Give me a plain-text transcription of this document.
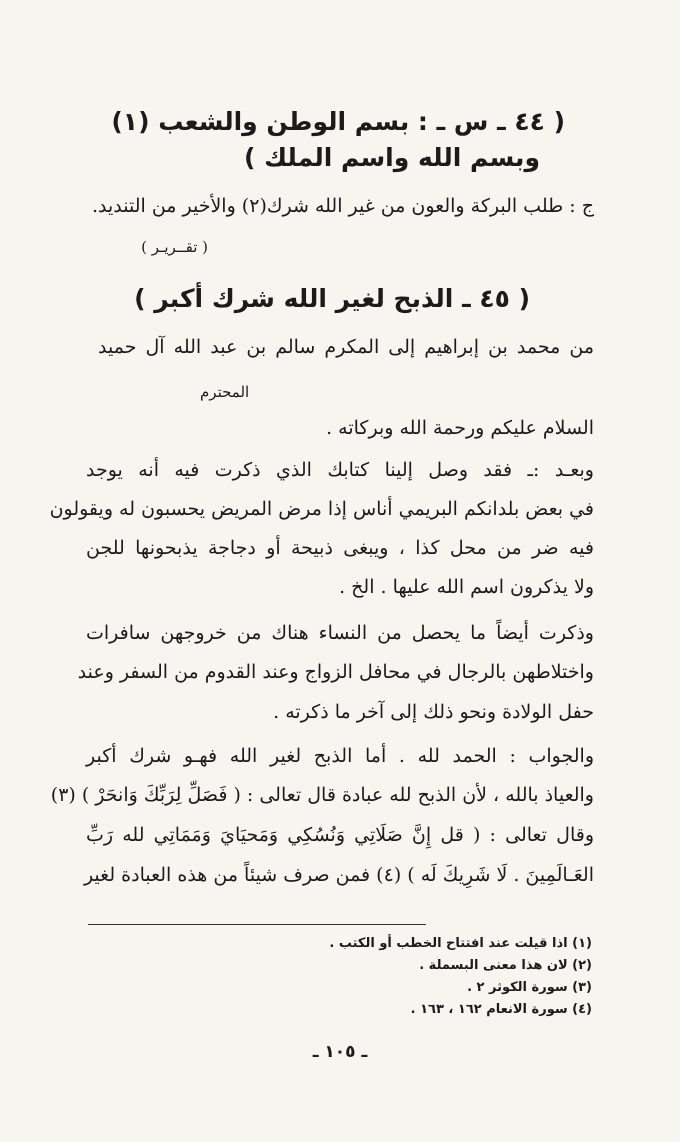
( ٤٤ ـ س ـ : بسم الوطن والشعب (١)
وبسم الله واسم الملك )
ج : طلب البركة والعون من غير الله شرك(٢) والأخير من التنديد.
( تقــريـر )
( ٤٥ ـ الذبح لغير الله شرك أكبر )
من محمد بن إبراهيم إلى المكرم سالم بن عبد الله آل حميد
المحترم
السلام عليكم ورحمة الله وبركاته .
وبعـد :ـ فقد وصل إلينا كتابك الذي ذكرت فيه أنه يوجد
في بعض بلدانكم البريمي أناس إذا مرض المريض يحسبون له ويقولون
فيه ضر من محل كذا ، ويبغى ذبيحة أو دجاجة يذبحونها للجن
ولا يذكرون اسم الله عليها . الخ .
وذكرت أيضاً ما يحصل من النساء هناك من خروجهن سافرات
واختلاطهن بالرجال في محافل الزواج وعند القدوم من السفر وعند
حفل الولادة ونحو ذلك إلى آخر ما ذكرته .
والجواب : الحمد لله . أما الذبح لغير الله فهـو شرك أكبر
والعياذ بالله ، لأن الذبح لله عبادة قال تعالى : ( فَصَلِّ لِرَبِّكَ وَانحَرْ ) (٣)
وقال تعالى : ( قل إِنَّ صَلَاتِي وَنُسُكِي وَمَحيَايَ وَمَمَاتِي لله رَبِّ
العَـالَمِينَ . لَا شَرِيكَ لَه ) (٤) فمن صرف شيئاً من هذه العبادة لغير
(١) اذا قيلت عند افتتاح الخطب أو الكتب .
(٢) لان هذا معنى البسملة .
(٣) سورة الكوثر ٢ .
(٤) سورة الانعام ١٦٢ ، ١٦٣ .
ـ ١٠٥ ـ
